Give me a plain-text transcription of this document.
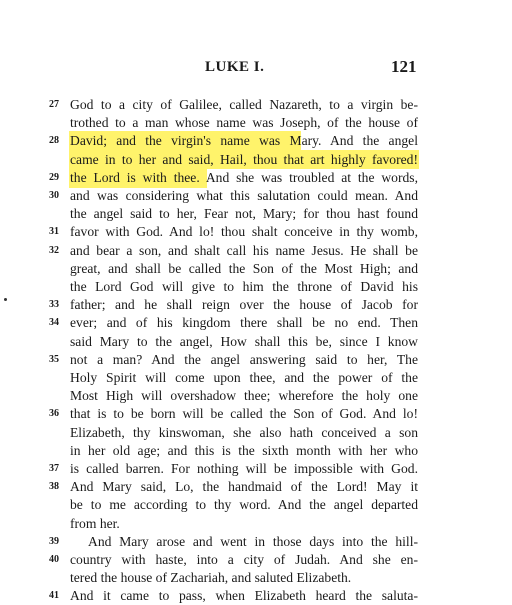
LUKE I.	121
27 God to a city of Galilee, called Nazareth, to a virgin be-
trothed to a man whose name was Joseph, of the house of
28 David; and the virgin's name was Mary. And the angel
came in to her and said, Hail, thou that art highly favored!
29 the Lord is with thee. And she was troubled at the words,
30 and was considering what this salutation could mean. And
the angel said to her, Fear not, Mary; for thou hast found
31 favor with God. And lo! thou shalt conceive in thy womb,
32 and bear a son, and shalt call his name Jesus. He shall be
great, and shall be called the Son of the Most High; and
the Lord God will give to him the throne of David his
33 father; and he shall reign over the house of Jacob for
34 ever; and of his kingdom there shall be no end. Then
said Mary to the angel, How shall this be, since I know
35 not a man? And the angel answering said to her, The
Holy Spirit will come upon thee, and the power of the
Most High will overshadow thee; wherefore the holy one
36 that is to be born will be called the Son of God. And lo!
Elizabeth, thy kinswoman, she also hath conceived a son
in her old age; and this is the sixth month with her who
37 is called barren. For nothing will be impossible with God.
38 And Mary said, Lo, the handmaid of the Lord! May it
be to me according to thy word. And the angel departed
from her.
39	And Mary arose and went in those days into the hill-
40 country with haste, into a city of Judah. And she en-
tered the house of Zachariah, and saluted Elizabeth.
41 And it came to pass, when Elizabeth heard the saluta-
